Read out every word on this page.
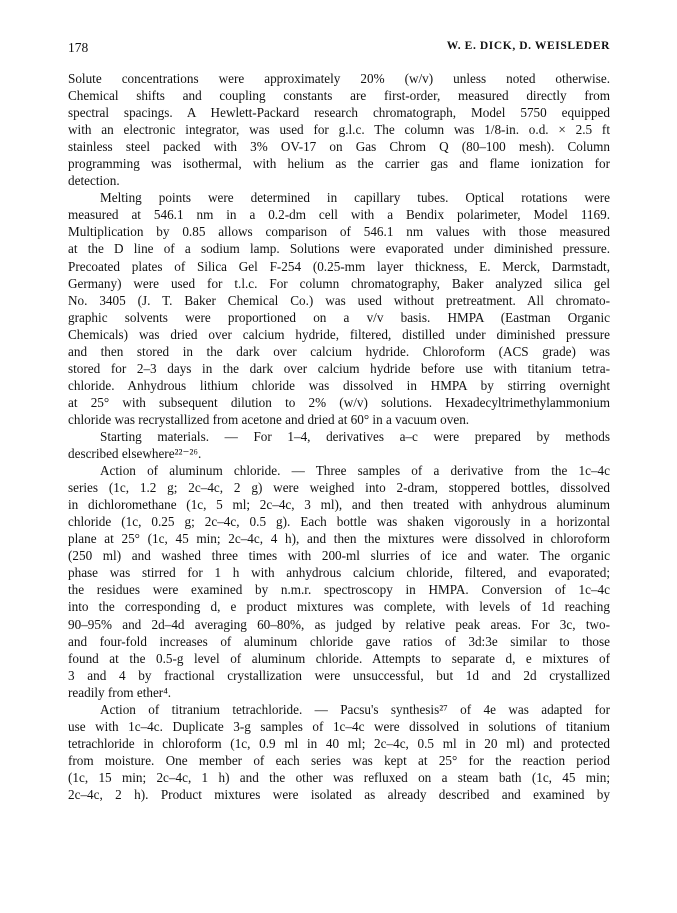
178	W. E. DICK, D. WEISLEDER
Solute concentrations were approximately 20% (w/v) unless noted otherwise.
Chemical shifts and coupling constants are first-order, measured directly from
spectral spacings. A Hewlett-Packard research chromatograph, Model 5750 equipped
with an electronic integrator, was used for g.l.c. The column was 1/8-in. o.d. × 2.5 ft
stainless steel packed with 3% OV-17 on Gas Chrom Q (80–100 mesh). Column
programming was isothermal, with helium as the carrier gas and flame ionization for
detection.
Melting points were determined in capillary tubes. Optical rotations were
measured at 546.1 nm in a 0.2-dm cell with a Bendix polarimeter, Model 1169.
Multiplication by 0.85 allows comparison of 546.1 nm values with those measured
at the D line of a sodium lamp. Solutions were evaporated under diminished pressure.
Precoated plates of Silica Gel F-254 (0.25-mm layer thickness, E. Merck, Darmstadt,
Germany) were used for t.l.c. For column chromatography, Baker analyzed silica gel
No. 3405 (J. T. Baker Chemical Co.) was used without pretreatment. All chromato-
graphic solvents were proportioned on a v/v basis. HMPA (Eastman Organic
Chemicals) was dried over calcium hydride, filtered, distilled under diminished pressure
and then stored in the dark over calcium hydride. Chloroform (ACS grade) was
stored for 2–3 days in the dark over calcium hydride before use with titanium tetra-
chloride. Anhydrous lithium chloride was dissolved in HMPA by stirring overnight
at 25° with subsequent dilution to 2% (w/v) solutions. Hexadecyltrimethylammonium
chloride was recrystallized from acetone and dried at 60° in a vacuum oven.
Starting materials. — For 1–4, derivatives a–c were prepared by methods
described elsewhere²²⁻²⁶.
Action of aluminum chloride. — Three samples of a derivative from the 1c–4c
series (1c, 1.2 g; 2c–4c, 2 g) were weighed into 2-dram, stoppered bottles, dissolved
in dichloromethane (1c, 5 ml; 2c–4c, 3 ml), and then treated with anhydrous aluminum
chloride (1c, 0.25 g; 2c–4c, 0.5 g). Each bottle was shaken vigorously in a horizontal
plane at 25° (1c, 45 min; 2c–4c, 4 h), and then the mixtures were dissolved in chloroform
(250 ml) and washed three times with 200-ml slurries of ice and water. The organic
phase was stirred for 1 h with anhydrous calcium chloride, filtered, and evaporated;
the residues were examined by n.m.r. spectroscopy in HMPA. Conversion of 1c–4c
into the corresponding d, e product mixtures was complete, with levels of 1d reaching
90–95% and 2d–4d averaging 60–80%, as judged by relative peak areas. For 3c, two-
and four-fold increases of aluminum chloride gave ratios of 3d:3e similar to those
found at the 0.5-g level of aluminum chloride. Attempts to separate d, e mixtures of
3 and 4 by fractional crystallization were unsuccessful, but 1d and 2d crystallized
readily from ether⁴.
Action of titranium tetrachloride. — Pacsu's synthesis²⁷ of 4e was adapted for
use with 1c–4c. Duplicate 3-g samples of 1c–4c were dissolved in solutions of titanium
tetrachloride in chloroform (1c, 0.9 ml in 40 ml; 2c–4c, 0.5 ml in 20 ml) and protected
from moisture. One member of each series was kept at 25° for the reaction period
(1c, 15 min; 2c–4c, 1 h) and the other was refluxed on a steam bath (1c, 45 min;
2c–4c, 2 h). Product mixtures were isolated as already described and examined by
